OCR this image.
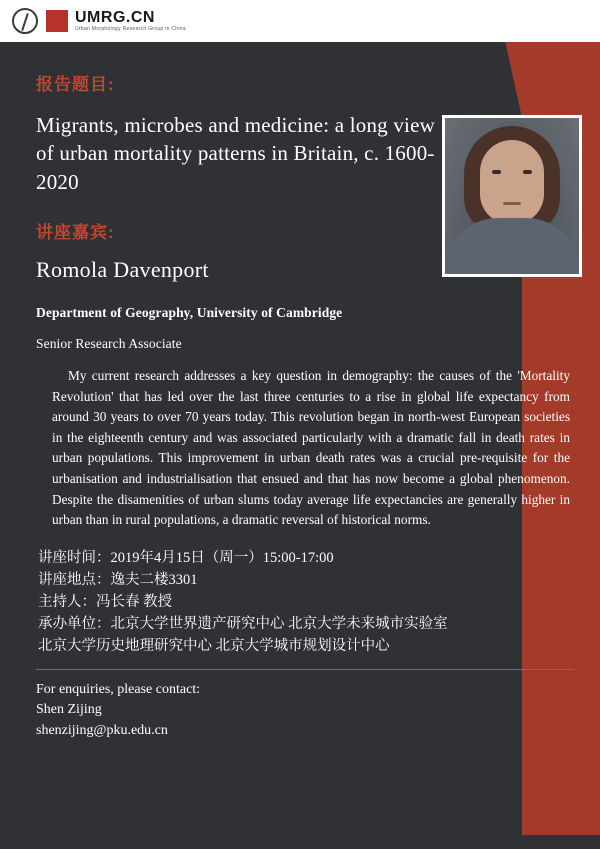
UMRG.CN
Urban Morphology Research Group in China
报告题目:
Migrants, microbes and medicine: a long view of urban mortality patterns in Britain, c. 1600-2020
讲座嘉宾:
Romola Davenport
Department of Geography, University of Cambridge
Senior Research Associate
My current research addresses a key question in demography: the causes of the 'Mortality Revolution' that has led over the last three centuries to a rise in global life expectancy from around 30 years to over 70 years today. This revolution began in north-west European societies in the eighteenth century and was associated particularly with a dramatic fall in death rates in urban populations. This improvement in urban death rates was a crucial pre-requisite for the urbanisation and industrialisation that ensued and that has now become a global phenomenon. Despite the disamenities of urban slums today average life expectancies are generally higher in urban than in rural populations, a dramatic reversal of historical norms.
讲座时间：2019年4月15日（周一）15:00-17:00
讲座地点：逸夫二楼3301
主持人：冯长春 教授
承办单位：北京大学世界遗产研究中心 北京大学未来城市实验室
北京大学历史地理研究中心 北京大学城市规划设计中心
For enquiries, please contact:
Shen Zijing
shenzijing@pku.edu.cn
